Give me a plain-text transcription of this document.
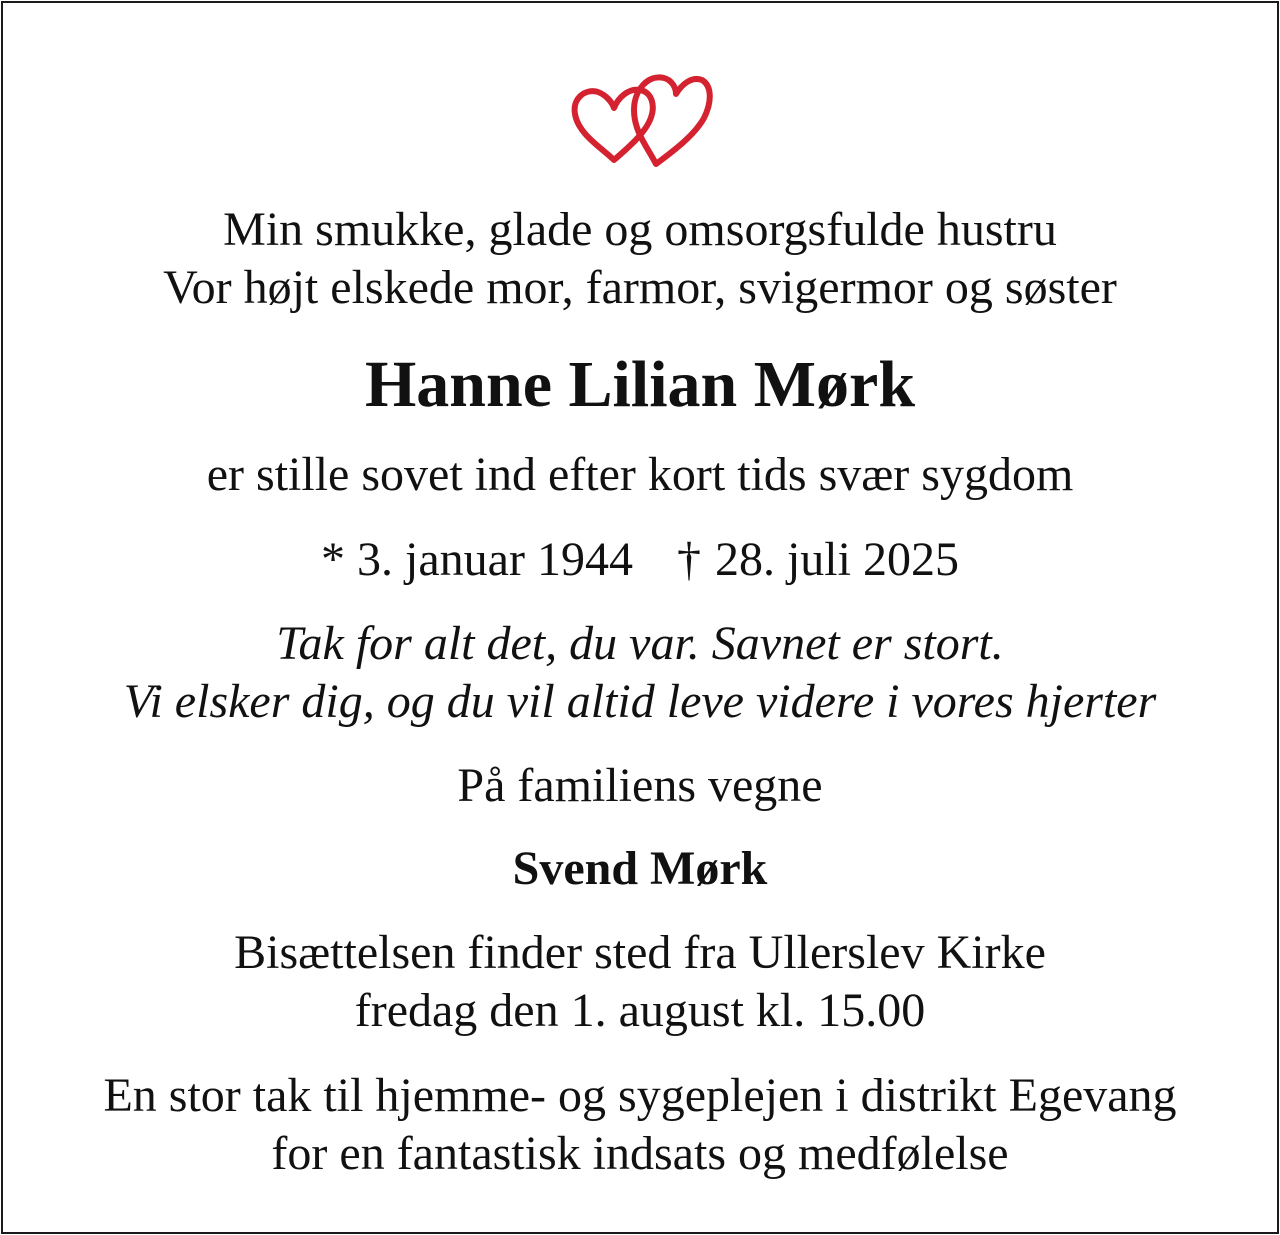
Min smukke, glade og omsorgsfulde hustru
Vor højt elskede mor, farmor, svigermor og søster
Hanne Lilian Mørk
er stille sovet ind efter kort tids svær sygdom
* 3. januar 1944 † 28. juli 2025
Tak for alt det, du var. Savnet er stort.
Vi elsker dig, og du vil altid leve videre i vores hjerter
På familiens vegne
Svend Mørk
Bisættelsen finder sted fra Ullerslev Kirke
fredag den 1. august kl. 15.00
En stor tak til hjemme- og sygeplejen i distrikt Egevang
for en fantastisk indsats og medfølelse
